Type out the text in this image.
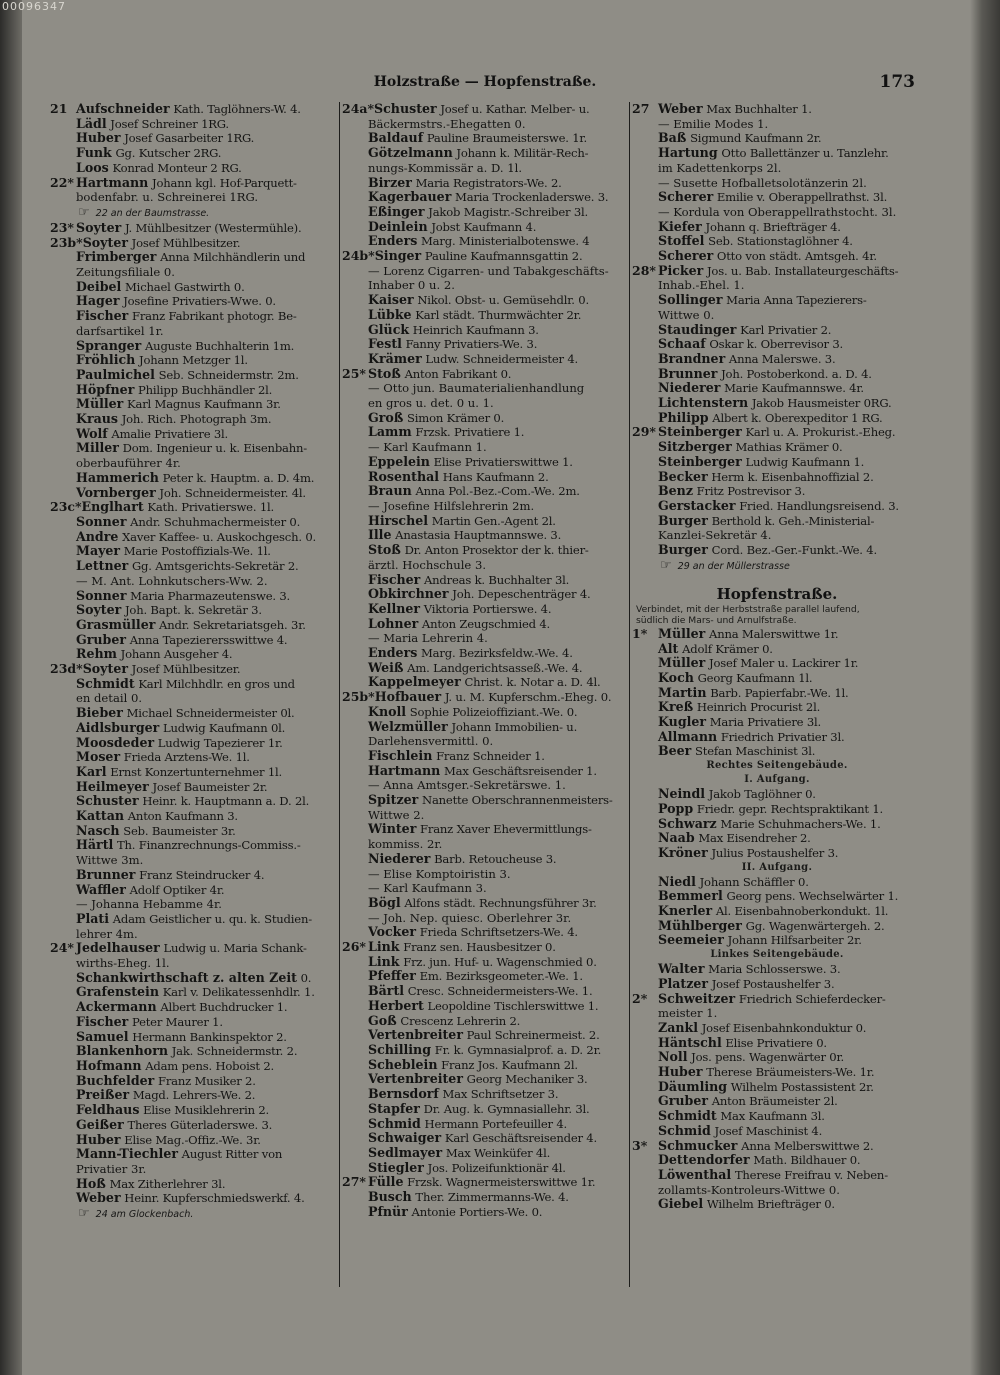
00096347
Holzstraße — Hopfenstraße.	173
21 Aufschneider Kath. Taglöhners-W. 4.
Lädl Josef Schreiner 1RG.
Huber Josef Gasarbeiter 1RG.
Funk Gg. Kutscher 2RG.
Loos Konrad Monteur 2 RG.
22* Hartmann Johann kgl. Hof-Parquett-
bodenfabr. u. Schreinerei 1RG.
☞ 22 an der Baumstrasse.
23* Soyter J. Mühlbesitzer (Westermühle).
23b*Soyter Josef Mühlbesitzer.
Frimberger Anna Milchhändlerin und
Zeitungsfiliale 0.
Deibel Michael Gastwirth 0.
Hager Josefine Privatiers-Wwe. 0.
Fischer Franz Fabrikant photogr. Be-
darfsartikel 1r.
Spranger Auguste Buchhalterin 1m.
Fröhlich Johann Metzger 1l.
Paulmichel Seb. Schneidermstr. 2m.
Höpfner Philipp Buchhändler 2l.
Müller Karl Magnus Kaufmann 3r.
Kraus Joh. Rich. Photograph 3m.
Wolf Amalie Privatiere 3l.
Miller Dom. Ingenieur u. k. Eisenbahn-
oberbauführer 4r.
Hammerich Peter k. Hauptm. a. D. 4m.
Vornberger Joh. Schneidermeister. 4l.
23c*Englhart Kath. Privatierswe. 1l.
Sonner Andr. Schuhmachermeister 0.
Andre Xaver Kaffee- u. Auskochgesch. 0.
Mayer Marie Postoffizials-We. 1l.
Lettner Gg. Amtsgerichts-Sekretär 2.
— M. Ant. Lohnkutschers-Ww. 2.
Sonner Maria Pharmazeutenswe. 3.
Soyter Joh. Bapt. k. Sekretär 3.
Grasmüller Andr. Sekretariatsgeh. 3r.
Gruber Anna Tapezierersswittwe 4.
Rehm Johann Ausgeher 4.
23d*Soyter Josef Mühlbesitzer.
Schmidt Karl Milchhdlr. en gros und
en detail 0.
Bieber Michael Schneidermeister 0l.
Aidlsburger Ludwig Kaufmann 0l.
Moosdeder Ludwig Tapezierer 1r.
Moser Frieda Arztens-We. 1l.
Karl Ernst Konzertunternehmer 1l.
Heilmeyer Josef Baumeister 2r.
Schuster Heinr. k. Hauptmann a. D. 2l.
Kattan Anton Kaufmann 3.
Nasch Seb. Baumeister 3r.
Härtl Th. Finanzrechnungs-Commiss.-
Wittwe 3m.
Brunner Franz Steindrucker 4.
Waffler Adolf Optiker 4r.
— Johanna Hebamme 4r.
Plati Adam Geistlicher u. qu. k. Studien-
lehrer 4m.
24* Jedelhauser Ludwig u. Maria Schank-
wirths-Eheg. 1l.
Schankwirthschaft z. alten Zeit 0.
Grafenstein Karl v. Delikatessenhdlr. 1.
Ackermann Albert Buchdrucker 1.
Fischer Peter Maurer 1.
Samuel Hermann Bankinspektor 2.
Blankenhorn Jak. Schneidermstr. 2.
Hofmann Adam pens. Hoboist 2.
Buchfelder Franz Musiker 2.
Preißer Magd. Lehrers-We. 2.
Feldhaus Elise Musiklehrerin 2.
Geißer Theres Güterladerswe. 3.
Huber Elise Mag.-Offiz.-We. 3r.
Mann-Tiechler August Ritter von
Privatier 3r.
Hoß Max Zitherlehrer 3l.
Weber Heinr. Kupferschmiedswerkf. 4.
☞ 24 am Glockenbach.
24a*Schuster Josef u. Kathar. Melber- u.
Bäckermstrs.-Ehegatten 0.
Baldauf Pauline Braumeisterswe. 1r.
Götzelmann Johann k. Militär-Rech-
nungs-Kommissär a. D. 1l.
Birzer Maria Registrators-We. 2.
Kagerbauer Maria Trockenladerswe. 3.
Eßinger Jakob Magistr.-Schreiber 3l.
Deinlein Jobst Kaufmann 4.
Enders Marg. Ministerialbotenswe. 4
24b*Singer Pauline Kaufmannsgattin 2.
— Lorenz Cigarren- und Tabakgeschäfts-
Inhaber 0 u. 2.
Kaiser Nikol. Obst- u. Gemüsehdlr. 0.
Lübke Karl städt. Thurmwächter 2r.
Glück Heinrich Kaufmann 3.
Festl Fanny Privatiers-We. 3.
Krämer Ludw. Schneidermeister 4.
25* Stoß Anton Fabrikant 0.
— Otto jun. Baumaterialienhandlung
en gros u. det. 0 u. 1.
Groß Simon Krämer 0.
Lamm Frzsk. Privatiere 1.
— Karl Kaufmann 1.
Eppelein Elise Privatierswittwe 1.
Rosenthal Hans Kaufmann 2.
Braun Anna Pol.-Bez.-Com.-We. 2m.
— Josefine Hilfslehrerin 2m.
Hirschel Martin Gen.-Agent 2l.
Ille Anastasia Hauptmannswe. 3.
Stoß Dr. Anton Prosektor der k. thier-
ärztl. Hochschule 3.
Fischer Andreas k. Buchhalter 3l.
Obkirchner Joh. Depeschenträger 4.
Kellner Viktoria Portierswe. 4.
Lohner Anton Zeugschmied 4.
— Maria Lehrerin 4.
Enders Marg. Bezirksfeldw.-We. 4.
Weiß Am. Landgerichtsasseß.-We. 4.
Kappelmeyer Christ. k. Notar a. D. 4l.
25b*Hofbauer J. u. M. Kupferschm.-Eheg. 0.
Knoll Sophie Polizeioffiziant.-We. 0.
Welzmüller Johann Immobilien- u.
Darlehensvermittl. 0.
Fischlein Franz Schneider 1.
Hartmann Max Geschäftsreisender 1.
— Anna Amtsger.-Sekretärswe. 1.
Spitzer Nanette Oberschrannenmeisters-
Wittwe 2.
Winter Franz Xaver Ehevermittlungs-
kommiss. 2r.
Niederer Barb. Retoucheuse 3.
— Elise Komptoiristin 3.
— Karl Kaufmann 3.
Bögl Alfons städt. Rechnungsführer 3r.
— Joh. Nep. quiesc. Oberlehrer 3r.
Vocker Frieda Schriftsetzers-We. 4.
26* Link Franz sen. Hausbesitzer 0.
Link Frz. jun. Huf- u. Wagenschmied 0.
Pfeffer Em. Bezirksgeometer.-We. 1.
Bärtl Cresc. Schneidermeisters-We. 1.
Herbert Leopoldine Tischlerswittwe 1.
Goß Crescenz Lehrerin 2.
Vertenbreiter Paul Schreinermeist. 2.
Schilling Fr. k. Gymnasialprof. a. D. 2r.
Scheblein Franz Jos. Kaufmann 2l.
Vertenbreiter Georg Mechaniker 3.
Bernsdorf Max Schriftsetzer 3.
Stapfer Dr. Aug. k. Gymnasiallehr. 3l.
Schmid Hermann Portefeuiller 4.
Schwaiger Karl Geschäftsreisender 4.
Sedlmayer Max Weinküfer 4l.
Stiegler Jos. Polizeifunktionär 4l.
27* Fülle Frzsk. Wagnermeisterswittwe 1r.
Busch Ther. Zimmermanns-We. 4.
Pfnür Antonie Portiers-We. 0.
27 Weber Max Buchhalter 1.
— Emilie Modes 1.
Baß Sigmund Kaufmann 2r.
Hartung Otto Ballettänzer u. Tanzlehr.
im Kadettenkorps 2l.
— Susette Hofballetsolotänzerin 2l.
Scherer Emilie v. Oberappellrathst. 3l.
— Kordula von Oberappellrathstocht. 3l.
Kiefer Johann q. Briefträger 4.
Stoffel Seb. Stationstaglöhner 4.
Scherer Otto von städt. Amtsgeh. 4r.
28* Picker Jos. u. Bab. Installateurgeschäfts-
Inhab.-Ehel. 1.
Sollinger Maria Anna Tapezierers-
Wittwe 0.
Staudinger Karl Privatier 2.
Schaaf Oskar k. Oberrevisor 3.
Brandner Anna Malerswe. 3.
Brunner Joh. Postoberkond. a. D. 4.
Niederer Marie Kaufmannswe. 4r.
Lichtenstern Jakob Hausmeister 0RG.
Philipp Albert k. Oberexpeditor 1 RG.
29* Steinberger Karl u. A. Prokurist.-Eheg.
Sitzberger Mathias Krämer 0.
Steinberger Ludwig Kaufmann 1.
Becker Herm k. Eisenbahnoffizial 2.
Benz Fritz Postrevisor 3.
Gerstacker Fried. Handlungsreisend. 3.
Burger Berthold k. Geh.-Ministerial-
Kanzlei-Sekretär 4.
Burger Cord. Bez.-Ger.-Funkt.-We. 4.
☞ 29 an der Müllerstrasse
Hopfenstraße.
Verbindet, mit der Herbststraße parallel laufend,
südlich die Mars- und Arnulfstraße.
1* Müller Anna Malerswittwe 1r.
Alt Adolf Krämer 0.
Müller Josef Maler u. Lackirer 1r.
Koch Georg Kaufmann 1l.
Martin Barb. Papierfabr.-We. 1l.
Kreß Heinrich Procurist 2l.
Kugler Maria Privatiere 3l.
Allmann Friedrich Privatier 3l.
Beer Stefan Maschinist 3l.
Rechtes Seitengebäude.
I. Aufgang.
Neindl Jakob Taglöhner 0.
Popp Friedr. gepr. Rechtspraktikant 1.
Schwarz Marie Schuhmachers-We. 1.
Naab Max Eisendreher 2.
Kröner Julius Postaushelfer 3.
II. Aufgang.
Niedl Johann Schäffler 0.
Bemmerl Georg pens. Wechselwärter 1.
Knerler Al. Eisenbahnoberkondukt. 1l.
Mühlberger Gg. Wagenwärtergeh. 2.
Seemeier Johann Hilfsarbeiter 2r.
Linkes Seitengebäude.
Walter Maria Schlosserswe. 3.
Platzer Josef Postaushelfer 3.
2* Schweitzer Friedrich Schieferdecker-
meister 1.
Zankl Josef Eisenbahnkonduktur 0.
Häntschl Elise Privatiere 0.
Noll Jos. pens. Wagenwärter 0r.
Huber Therese Bräumeisters-We. 1r.
Däumling Wilhelm Postassistent 2r.
Gruber Anton Bräumeister 2l.
Schmidt Max Kaufmann 3l.
Schmid Josef Maschinist 4.
3* Schmucker Anna Melberswittwe 2.
Dettendorfer Math. Bildhauer 0.
Löwenthal Therese Freifrau v. Neben-
zollamts-Kontroleurs-Wittwe 0.
Giebel Wilhelm Briefträger 0.
